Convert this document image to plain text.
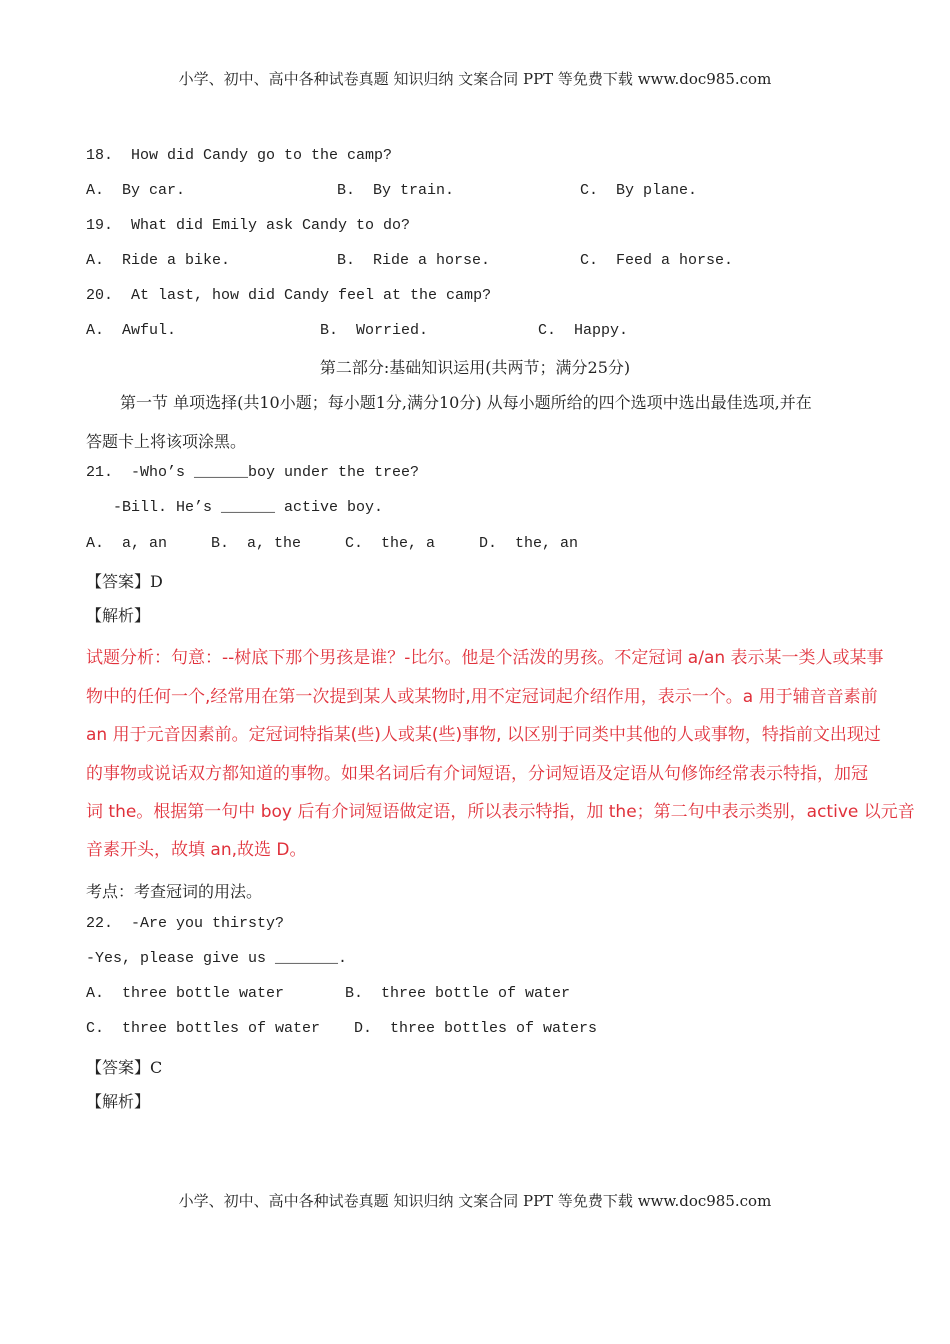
小学、初中、高中各种试卷真题 知识归纳 文案合同 PPT 等免费下载 www.doc985.com
18.  How did Candy go to the camp?
A.  By car.	B.  By train.	C.  By plane.
19.  What did Emily ask Candy to do?
A.  Ride a bike.	B.  Ride a horse.	C.  Feed a horse.
20.  At last, how did Candy feel at the camp?
A.  Awful.	B.  Worried.	C.  Happy.
第二部分:基础知识运用(共两节；满分25分)
第一节 单项选择(共10小题；每小题1分,满分10分) 从每小题所给的四个选项中选出最佳选项,并在
答题卡上将该项涂黑。
21.  -Who’s ______boy under the tree?
-Bill. He’s ______ active boy.
A.  a, an	B.  a, the	C.  the, a	D.  the, an
【答案】D
【解析】
试题分析：句意：--树底下那个男孩是谁？-比尔。他是个活泼的男孩。不定冠词 a/an 表示某一类人或某事
物中的任何一个,经常用在第一次提到某人或某物时,用不定冠词起介绍作用，表示一个。a 用于辅音音素前
an 用于元音因素前。定冠词特指某(些)人或某(些)事物, 以区别于同类中其他的人或事物，特指前文出现过
的事物或说话双方都知道的事物。如果名词后有介词短语，分词短语及定语从句修饰经常表示特指，加冠
词 the。根据第一句中 boy 后有介词短语做定语，所以表示特指，加 the；第二句中表示类别，active 以元音
音素开头，故填 an,故选 D。
考点：考查冠词的用法。
22.  -Are you thirsty?
-Yes, please give us _______.
A.  three bottle water	B.  three bottle of water
C.  three bottles of water D.  three bottles of waters
【答案】C
【解析】
小学、初中、高中各种试卷真题 知识归纳 文案合同 PPT 等免费下载 www.doc985.com
